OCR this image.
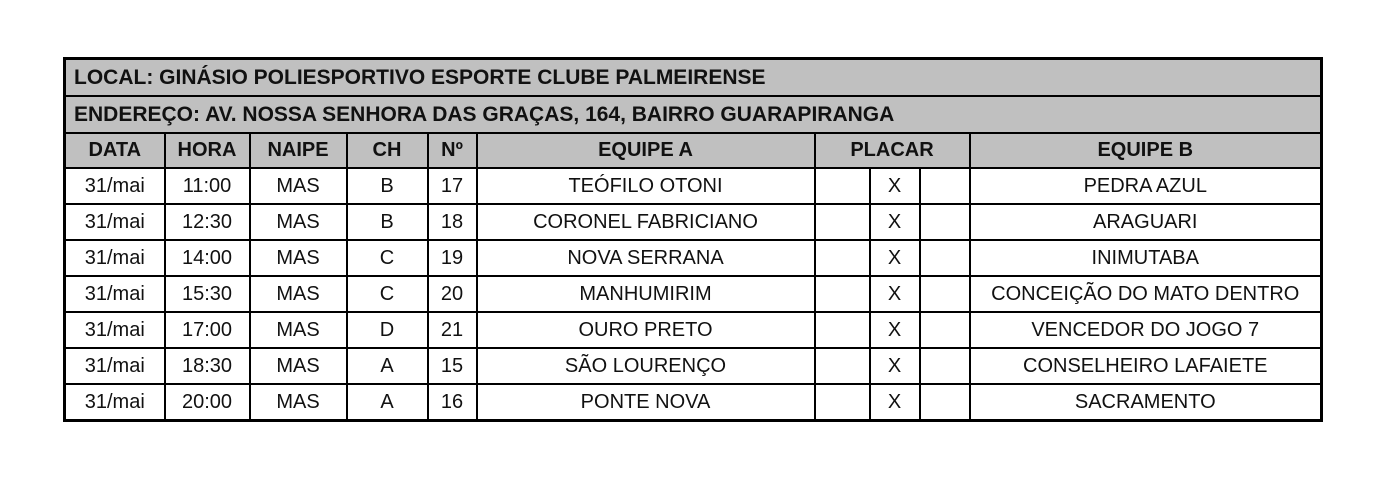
LOCAL: GINÁSIO POLIESPORTIVO ESPORTE CLUBE PALMEIRENSE									
ENDEREÇO: AV. NOSSA SENHORA DAS GRAÇAS, 164, BAIRRO GUARAPIRANGA									
DATA	HORA	NAIPE	CH	Nº	EQUIPE A	PLACAR			EQUIPE B
31/mai	11:00	MAS	B	17	TEÓFILO OTONI		X		PEDRA AZUL
31/mai	12:30	MAS	B	18	CORONEL FABRICIANO		X		ARAGUARI
31/mai	14:00	MAS	C	19	NOVA SERRANA		X		INIMUTABA
31/mai	15:30	MAS	C	20	MANHUMIRIM		X		CONCEIÇÃO DO MATO DENTRO
31/mai	17:00	MAS	D	21	OURO PRETO		X		VENCEDOR DO JOGO 7
31/mai	18:30	MAS	A	15	SÃO LOURENÇO		X		CONSELHEIRO LAFAIETE
31/mai	20:00	MAS	A	16	PONTE NOVA		X		SACRAMENTO
